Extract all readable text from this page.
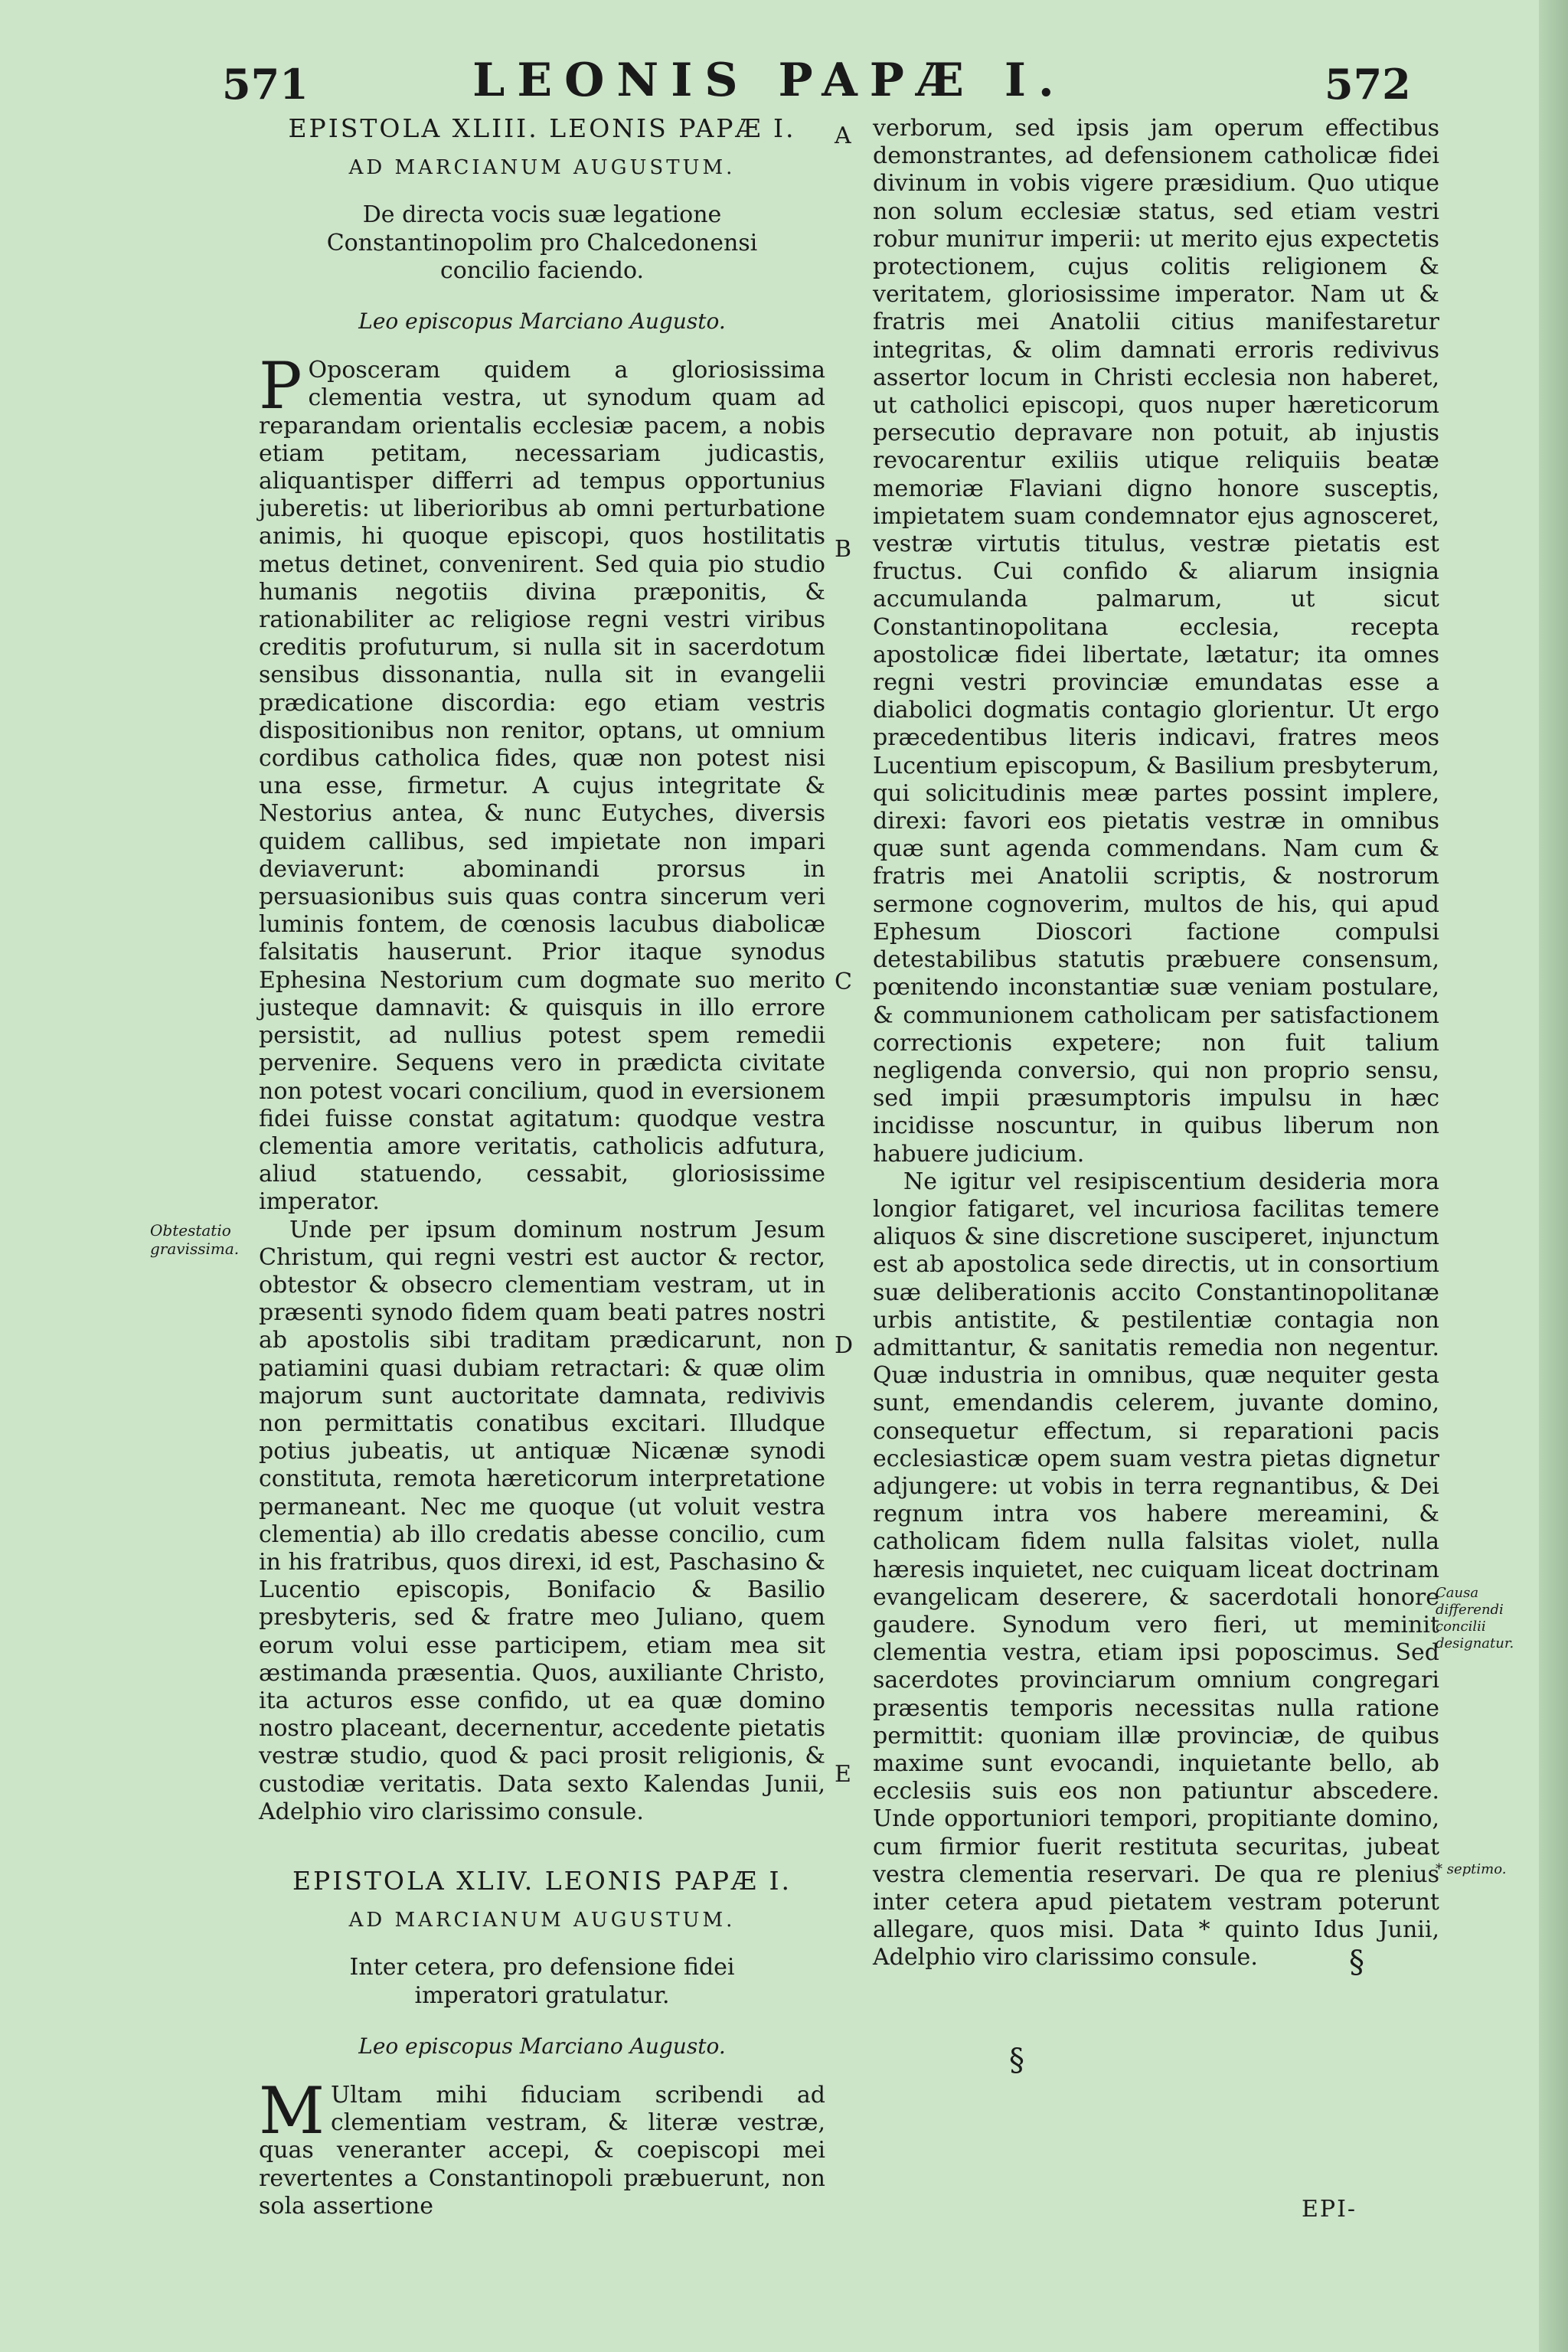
571	LEONIS PAPÆ I.	572
EPISTOLA XLIII. LEONIS PAPÆ I.
AD MARCIANUM AUGUSTUM.
De directa vocis suæ legatione Constantinopolim pro Chalcedonensi concilio faciendo.
Leo episcopus Marciano Augusto.

POposceram quidem a gloriosissima clementia vestra, ut synodum quam ad reparandam orientalis ecclesiæ pacem, a nobis etiam petitam, necessariam judicastis, aliquantisper differri ad tempus opportunius juberetis: ut liberioribus ab omni perturbatione animis, hi quoque episcopi, quos hostilitatis metus detinet, convenirent. Sed quia pio studio humanis negotiis divina præponitis, & rationabiliter ac religiose regni vestri viribus creditis profuturum, si nulla sit in sacerdotum sensibus dissonantia, nulla sit in evangelii prædicatione discordia: ego etiam vestris dispositionibus non renitor, optans, ut omnium cordibus catholica fides, quæ non potest nisi una esse, firmetur. A cujus integritate & Nestorius antea, & nunc Eutyches, diversis quidem callibus, sed impietate non impari deviaverunt: abominandi prorsus in persuasionibus suis quas contra sincerum veri luminis fontem, de cœnosis lacubus diabolicæ falsitatis hauserunt. Prior itaque synodus Ephesina Nestorium cum dogmate suo merito justeque damnavit: & quisquis in illo errore persistit, ad nullius potest spem remedii pervenire. Sequens vero in prædicta civitate non potest vocari concilium, quod in eversionem fidei fuisse constat agitatum: quodque vestra clementia amore veritatis, catholicis adfutura, aliud statuendo, cessabit, gloriosissime imperator.

Unde per ipsum dominum nostrum Jesum Christum, qui regni vestri est auctor & rector, obtestor & obsecro clementiam vestram, ut in præsenti synodo fidem quam beati patres nostri ab apostolis sibi traditam prædicarunt, non patiamini quasi dubiam retractari: & quæ olim majorum sunt auctoritate damnata, redivivis non permittatis conatibus excitari. Illudque potius jubeatis, ut antiquæ Nicænæ synodi constituta, remota hæreticorum interpretatione permaneant. Nec me quoque (ut voluit vestra clementia) ab illo credatis abesse concilio, cum in his fratribus, quos direxi, id est, Paschasino & Lucentio episcopis, Bonifacio & Basilio presbyteris, sed & fratre meo Juliano, quem eorum volui esse participem, etiam mea sit æstimanda præsentia. Quos, auxiliante Christo, ita acturos esse confido, ut ea quæ domino nostro placeant, decernentur, accedente pietatis vestræ studio, quod & paci prosit religionis, & custodiæ veritatis. Data sexto Kalendas Junii, Adelphio viro clarissimo consule.

EPISTOLA XLIV. LEONIS PAPÆ I.
AD MARCIANUM AUGUSTUM.
Inter cetera, pro defensione fidei imperatori gratulatur.
Leo episcopus Marciano Augusto.

MUltam mihi fiduciam scribendi ad clementiam vestram, & literæ vestræ, quas veneranter accepi, & coepiscopi mei revertentes a Constantinopoli præbuerunt, non sola assertione

verborum, sed ipsis jam operum effectibus demonstrantes, ad defensionem catholicæ fidei divinum in vobis vigere præsidium. Quo utique non solum ecclesiæ status, sed etiam vestri robur muniтur imperii: ut merito ejus expectetis protectionem, cujus colitis religionem & veritatem, gloriosissime imperator. Nam ut & fratris mei Anatolii citius manifestaretur integritas, & olim damnati erroris redivivus assertor locum in Christi ecclesia non haberet, ut catholici episcopi, quos nuper hæreticorum persecutio depravare non potuit, ab injustis revocarentur exiliis utique reliquiis beatæ memoriæ Flaviani digno honore susceptis, impietatem suam condemnator ejus agnosceret, vestræ virtutis titulus, vestræ pietatis est fructus. Cui confido & aliarum insignia accumulanda palmarum, ut sicut Constantinopolitana ecclesia, recepta apostolicæ fidei libertate, lætatur; ita omnes regni vestri provinciæ emundatas esse a diabolici dogmatis contagio glorientur. Ut ergo præcedentibus literis indicavi, fratres meos Lucentium episcopum, & Basilium presbyterum, qui solicitudinis meæ partes possint implere, direxi: favori eos pietatis vestræ in omnibus quæ sunt agenda commendans. Nam cum & fratris mei Anatolii scriptis, & nostrorum sermone cognoverim, multos de his, qui apud Ephesum Dioscori factione compulsi detestabilibus statutis præbuere consensum, pœnitendo inconstantiæ suæ veniam postulare, & communionem catholicam per satisfactionem correctionis expetere; non fuit talium negligenda conversio, qui non proprio sensu, sed impii præsumptoris impulsu in hæc incidisse noscuntur, in quibus liberum non habuere judicium.

Ne igitur vel resipiscentium desideria mora longior fatigaret, vel incuriosa facilitas temere aliquos & sine discretione susciperet, injunctum est ab apostolica sede directis, ut in consortium suæ deliberationis accito Constantinopolitanæ urbis antistite, & pestilentiæ contagia non admittantur, & sanitatis remedia non negentur. Quæ industria in omnibus, quæ nequiter gesta sunt, emendandis celerem, juvante domino, consequetur effectum, si reparationi pacis ecclesiasticæ opem suam vestra pietas dignetur adjungere: ut vobis in terra regnantibus, & Dei regnum intra vos habere mereamini, & catholicam fidem nulla falsitas violet, nulla hæresis inquietet, nec cuiquam liceat doctrinam evangelicam deserere, & sacerdotali honore gaudere. Synodum vero fieri, ut meminit clementia vestra, etiam ipsi poposcimus. Sed sacerdotes provinciarum omnium congregari præsentis temporis necessitas nulla ratione permittit: quoniam illæ provinciæ, de quibus maxime sunt evocandi, inquietante bello, ab ecclesiis suis eos non patiuntur abscedere. Unde opportuniori tempori, propitiante domino, cum firmior fuerit restituta securitas, jubeat vestra clementia reservari. De qua re plenius inter cetera apud pietatem vestram poterunt allegare, quos misi. Data * quinto Idus Junii, Adelphio viro clarissimo consule.

A
B
C
D
E
Obtestatio gravissima.
Causa differendi concilii designatur.
* septimo.
§
§
EPI-
